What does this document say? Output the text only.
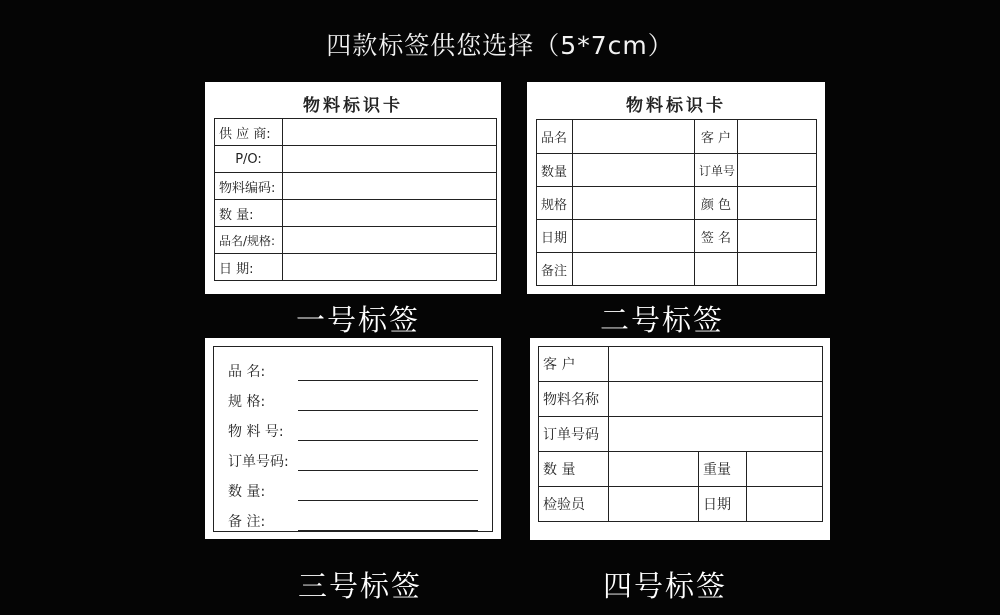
四款标签供您选择（5*7cm）
物料标识卡
供 应 商:	
P/O:	
物料编码:	
数 量:	
品名/规格:	
日 期:	
一号标签
物料标识卡
品名		客 户	
数量		订单号	
规格		颜 色	
日期		签 名	
备注			
二号标签
品 名:
规 格:
物 料 号:
订单号码:
数 量:
备 注:
三号标签
客 户			
物料名称			
订单号码			
数 量		重量	
检验员		日期	
四号标签
